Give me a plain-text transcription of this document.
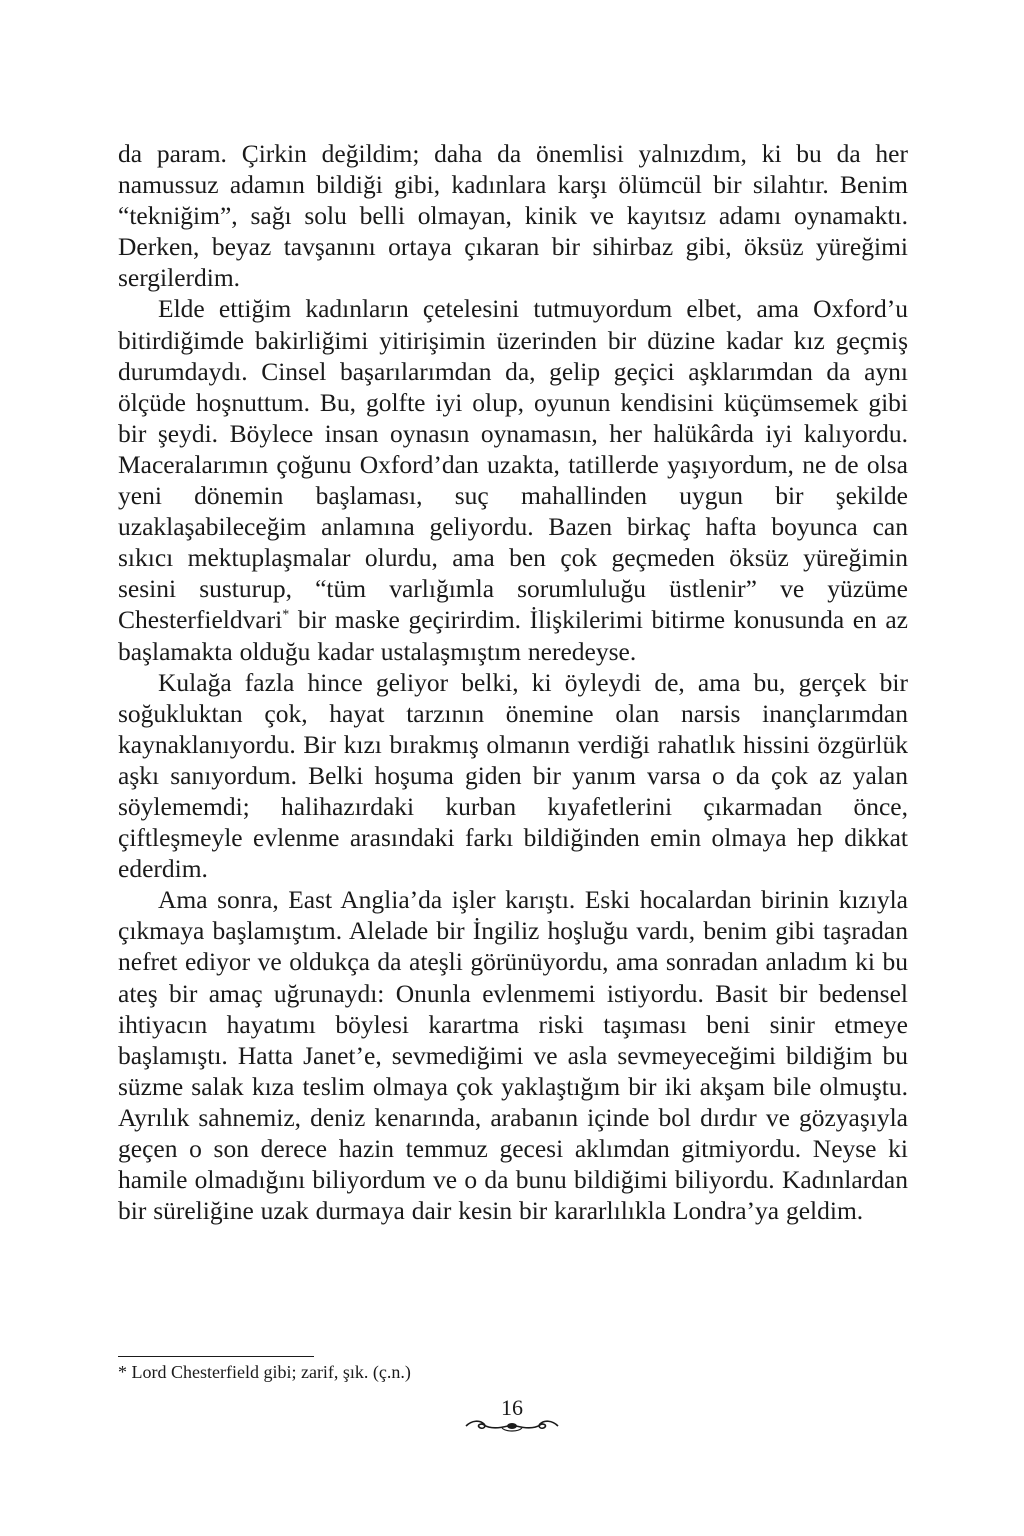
da param. Çirkin değildim; daha da önemlisi yalnızdım, ki bu da her namussuz adamın bildiği gibi, kadınlara karşı ölümcül bir silahtır. Benim “tekniğim”, sağı solu belli olmayan, kinik ve kayıtsız adamı oynamaktı. Derken, beyaz tavşanını ortaya çıkaran bir sihirbaz gibi, öksüz yüreğimi sergilerdim.

Elde ettiğim kadınların çetelesini tutmuyordum elbet, ama Oxford’u bitirdiğimde bakirliğimi yitirişimin üzerinden bir düzine kadar kız geçmiş durumdaydı. Cinsel başarılarımdan da, gelip geçici aşklarımdan da aynı ölçüde hoşnuttum. Bu, golfte iyi olup, oyunun kendisini küçümsemek gibi bir şeydi. Böylece insan oynasın oynamasın, her halükârda iyi kalıyordu. Maceralarımın çoğunu Oxford’dan uzakta, tatillerde yaşıyordum, ne de olsa yeni dönemin başlaması, suç mahallinden uygun bir şekilde uzaklaşabileceğim anlamına geliyordu. Bazen birkaç hafta boyunca can sıkıcı mektuplaşmalar olurdu, ama ben çok geçmeden öksüz yüreğimin sesini susturup, “tüm varlığımla sorumluluğu üstlenir” ve yüzüme Chesterfieldvari* bir maske geçirirdim. İlişkilerimi bitirme konusunda en az başlamakta olduğu kadar ustalaşmıştım neredeyse.

Kulağa fazla hince geliyor belki, ki öyleydi de, ama bu, gerçek bir soğukluktan çok, hayat tarzının önemine olan narsis inançlarımdan kaynaklanıyordu. Bir kızı bırakmış olmanın verdiği rahatlık hissini özgürlük aşkı sanıyordum. Belki hoşuma giden bir yanım varsa o da çok az yalan söylememdi; halihazırdaki kurban kıyafetlerini çıkarmadan önce, çiftleşmeyle evlenme arasındaki farkı bildiğinden emin olmaya hep dikkat ederdim.

Ama sonra, East Anglia’da işler karıştı. Eski hocalardan birinin kızıyla çıkmaya başlamıştım. Alelade bir İngiliz hoşluğu vardı, benim gibi taşradan nefret ediyor ve oldukça da ateşli görünüyordu, ama sonradan anladım ki bu ateş bir amaç uğrunaydı: Onunla evlenmemi istiyordu. Basit bir bedensel ihtiyacın hayatımı böylesi karartma riski taşıması beni sinir etmeye başlamıştı. Hatta Janet’e, sevmediğimi ve asla sevmeyeceğimi bildiğim bu süzme salak kıza teslim olmaya çok yaklaştığım bir iki akşam bile olmuştu. Ayrılık sahnemiz, deniz kenarında, arabanın içinde bol dırdır ve gözyaşıyla geçen o son derece hazin temmuz gecesi aklımdan gitmiyordu. Neyse ki hamile olmadığını biliyordum ve o da bunu bildiğimi biliyordu. Kadınlardan bir süreliğine uzak durmaya dair kesin bir kararlılıkla Londra’ya geldim.

* Lord Chesterfield gibi; zarif, şık. (ç.n.)
16
